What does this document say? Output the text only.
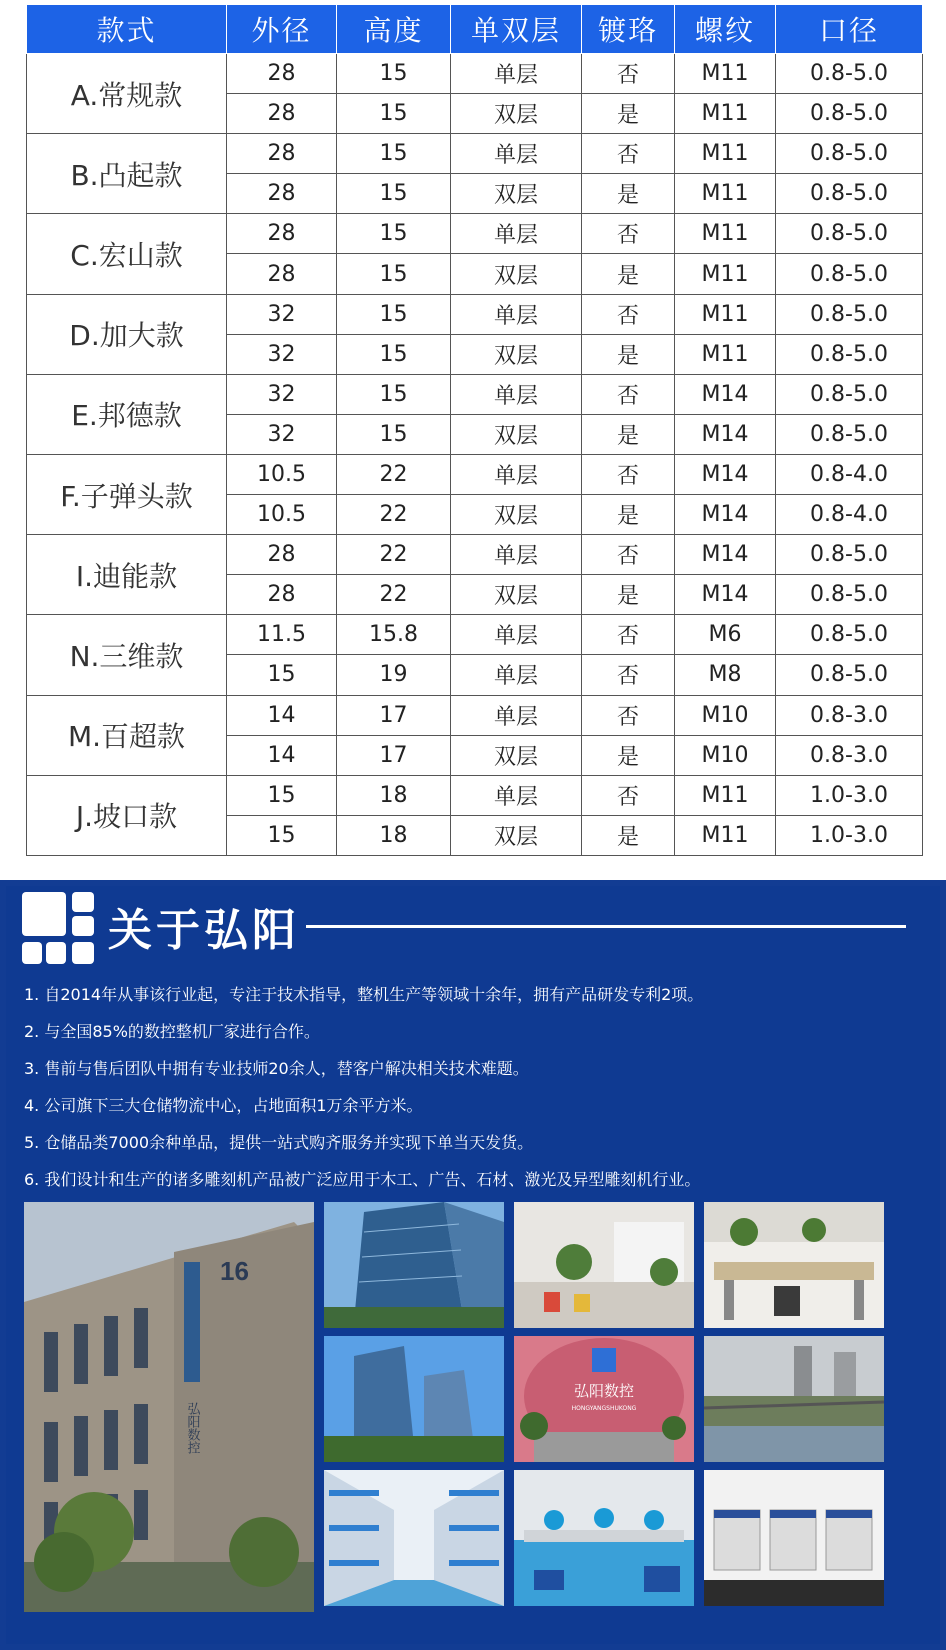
款式	外径	高度	单双层	镀珞	螺纹	口径
A.常规款	28	15	单层	否	M11	0.8-5.0
	28	15	双层	是	M11	0.8-5.0
B.凸起款	28	15	单层	否	M11	0.8-5.0
	28	15	双层	是	M11	0.8-5.0
C.宏山款	28	15	单层	否	M11	0.8-5.0
	28	15	双层	是	M11	0.8-5.0
D.加大款	32	15	单层	否	M11	0.8-5.0
	32	15	双层	是	M11	0.8-5.0
E.邦德款	32	15	单层	否	M14	0.8-5.0
	32	15	双层	是	M14	0.8-5.0
F.子弹头款	10.5	22	单层	否	M14	0.8-4.0
	10.5	22	双层	是	M14	0.8-4.0
I.迪能款	28	22	单层	否	M14	0.8-5.0
	28	22	双层	是	M14	0.8-5.0
N.三维款	11.5	15.8	单层	否	M6	0.8-5.0
	15	19	单层	否	M8	0.8-5.0
M.百超款	14	17	单层	否	M10	0.8-3.0
	14	17	双层	是	M10	0.8-3.0
J.坡口款	15	18	单层	否	M11	1.0-3.0
	15	18	双层	是	M11	1.0-3.0
关于弘阳
1. 自2014年从事该行业起，专注于技术指导，整机生产等领域十余年，拥有产品研发专利2项。
2. 与全国85%的数控整机厂家进行合作。
3. 售前与售后团队中拥有专业技师20余人，替客户解决相关技术难题。
4. 公司旗下三大仓储物流中心，占地面积1万余平方米。
5. 仓储品类7000余种单品，提供一站式购齐服务并实现下单当天发货。
6. 我们设计和生产的诸多雕刻机产品被广泛应用于木工、广告、石材、激光及异型雕刻机行业。
16
弘阳数控
弘阳数控
HONGYANGSHUKONG
